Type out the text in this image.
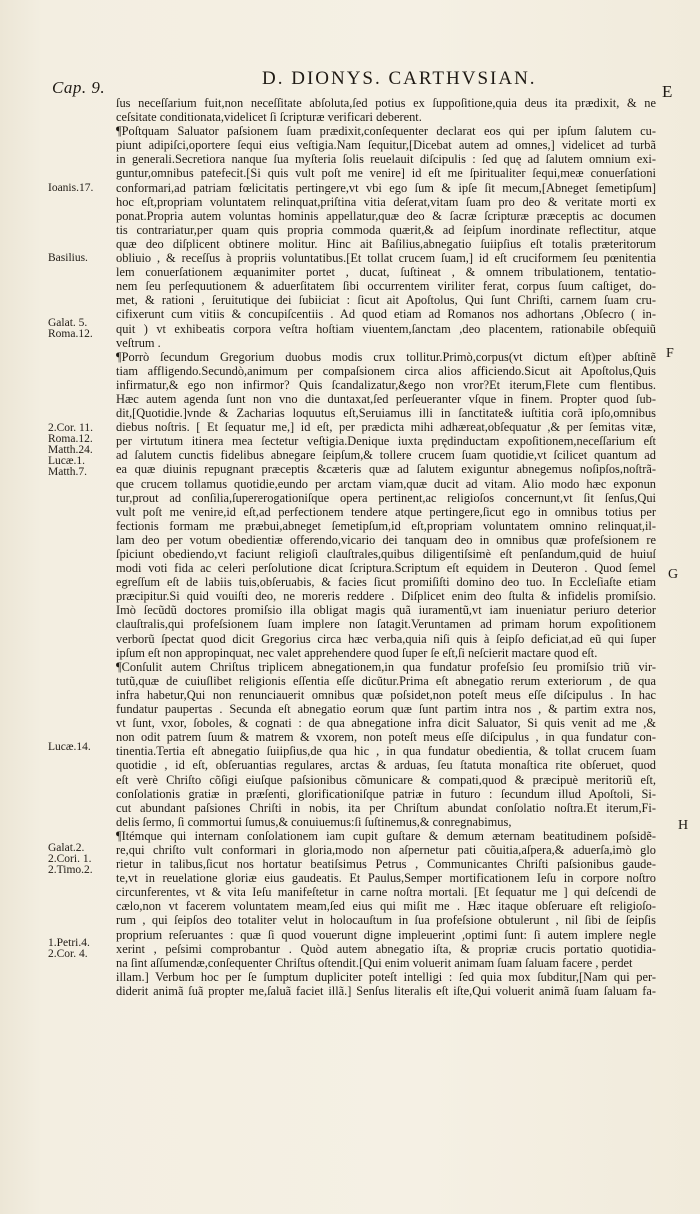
Cap. 9.	D. DIONYS. CARTHVSIAN.
E
F
G
H
Ioanis.17.
Basilius.
Galat. 5.
Roma.12.
2.Cor. 11.
Roma.12.
Matth.24.
Lucæ.1.
Matth.7.
Lucæ.14.
Galat.2.
2.Cori. 1.
2.Timo.2.
1.Petri.4.
2.Cor. 4.

ſus neceſſarium fuit,non neceſſitate abſoluta,ſed potius ex ſuppoſitione,quia deus ita prædixit, & ne

ceſsitate conditionata,videlicet ſi ſcripturæ verificari deberent.

¶Poſtquam Saluator paſsionem ſuam prædixit,conſequenter declarat eos qui per ipſum ſalutem cu-

piunt adipiſci,oportere ſequi eius veſtigia.Nam ſequitur,[Dicebat autem ad omnes,] videlicet ad turbã

in generali.Secretiora nanque ſua myſteria ſolis reuelauit diſcipulis : ſed quę ad ſalutem omnium exi-

guntur,omnibus patefecit.[Si quis vult poſt me venire] id eſt me ſpiritualiter ſequi,meæ conuerſationi

conformari,ad patriam fœlicitatis pertingere,vt vbi ego ſum & ipſe ſit mecum,[Abneget ſemetipſum]

hoc eſt,propriam voluntatem relinquat,priſtina vitia deſerat,vitam ſuam pro deo & veritate morti ex

ponat.Propria autem voluntas hominis appellatur,quæ deo & ſacræ ſcripturæ præceptis ac documen

tis contrariatur,per quam quis propria commoda quærit,& ad ſeipſum inordinate reflectitur, atque

quæ deo diſplicent obtinere molitur. Hinc ait Baſilius,abnegatio ſuiipſius eſt totalis præteritorum

obliuio , & receſſus à propriis voluntatibus.[Et tollat crucem ſuam,] id eſt cruciformem ſeu pœnitentia

lem conuerſationem æquanimiter portet , ducat, ſuſtineat , & omnem tribulationem, tentatio-

nem ſeu perſequutionem & aduerſitatem ſibi occurrentem viriliter ferat, corpus ſuum caſtiget, do-

met, & rationi , ſeruitutique dei ſubiiciat : ſicut ait Apoſtolus, Qui ſunt Chriſti, carnem ſuam cru-

cifixerunt cum vitiis & concupiſcentiis . Ad quod etiam ad Romanos nos adhortans ,Obſecro ( in-

quit ) vt exhibeatis corpora veſtra hoſtiam viuentem,ſanctam ,deo placentem, rationabile obſequiũ

veſtrum .

¶Porrò ſecundum Gregorium duobus modis crux tollitur.Primò,corpus(vt dictum eſt)per abſtinẽ

tiam affligendo.Secundò,animum per compaſsionem circa alios afficiendo.Sicut ait Apoſtolus,Quis

infirmatur,& ego non infirmor? Quis ſcandalizatur,&ego non vror?Et iterum,Flete cum flentibus.

Hæc autem agenda ſunt non vno die duntaxat,ſed perſeueranter vſque in finem. Propter quod ſub-

dit,[Quotidie.]vnde & Zacharias loquutus eſt,Seruiamus illi in ſanctitate& iuſtitia corã ipſo,omnibus

diebus noſtris. [ Et ſequatur me,] id eſt, per prædicta mihi adhæreat,obſequatur ,& per ſemitas vitæ,

per virtutum itinera mea ſectetur veſtigia.Denique iuxta prędinductam expoſitionem,neceſſarium eſt

ad ſalutem cunctis fidelibus abnegare ſeipſum,& tollere crucem ſuam quotidie,vt ſcilicet quantum ad

ea quæ diuinis repugnant præceptis &cæteris quæ ad ſalutem exiguntur abnegemus noſipſos,noſtrã-

que crucem tollamus quotidie,eundo per arctam viam,quæ ducit ad vitam. Alio modo hæc exponun

tur,prout ad conſilia,ſupererogationiſque opera pertinent,ac religioſos concernunt,vt ſit ſenſus,Qui

vult poſt me venire,id eſt,ad perfectionem tendere atque pertingere,ſicut ego in omnibus totius per

fectionis formam me præbui,abneget ſemetipſum,id eſt,propriam voluntatem omnino relinquat,il-

lam deo per votum obedientiæ offerendo,vicario dei tanquam deo in omnibus quæ profeſsionem re

ſpiciunt obediendo,vt faciunt religioſi clauſtrales,quibus diligentiſsimè eſt penſandum,quid de huiuſ

modi voti fida ac celeri perſolutione dicat ſcriptura.Scriptum eſt equidem in Deuteron . Quod ſemel

egreſſum eſt de labiis tuis,obſeruabis, & facies ſicut promiſiſti domino deo tuo. In Eccleſiaſte etiam

præcipitur.Si quid vouiſti deo, ne moreris reddere . Diſplicet enim deo ſtulta & infidelis promiſsio.

Imò ſecũdũ doctores promiſsio illa obligat magis quã iuramentũ,vt iam inueniatur periuro deterior

clauſtralis,qui profeſsionem ſuam implere non ſatagit.Veruntamen ad primam horum expoſitionem

verborũ ſpectat quod dicit Gregorius circa hæc verba,quia niſi quis à ſeipſo deficiat,ad eũ qui ſuper

ipſum eſt non appropinquat, nec valet apprehendere quod ſuper ſe eſt,ſi neſcierit mactare quod eſt.

¶Conſulit autem Chriſtus triplicem abnegationem,in qua fundatur profeſsio ſeu promiſsio triũ vir-

tutũ,quæ de cuiuſlibet religionis eſſentia eſſe dicũtur.Prima eſt abnegatio rerum exteriorum , de qua

infra habetur,Qui non renunciauerit omnibus quæ poſsidet,non poteſt meus eſſe diſcipulus . In hac

fundatur paupertas . Secunda eſt abnegatio eorum quæ ſunt partim intra nos , & partim extra nos,

vt ſunt, vxor, ſoboles, & cognati : de qua abnegatione infra dicit Saluator, Si quis venit ad me ,&

non odit patrem ſuum & matrem & vxorem, non poteſt meus eſſe diſcipulus , in qua fundatur con-

tinentia.Tertia eſt abnegatio ſuiipſius,de qua hic , in qua fundatur obedientia, & tollat crucem ſuam

quotidie , id eſt, obſeruantias regulares, arctas & arduas, ſeu ſtatuta monaſtica rite obſeruet, quod

eſt verè Chriſto cõſigi eiuſque paſsionibus cõmunicare & compati,quod & præcipuè meritoriũ eſt,

conſolationis gratiæ in præſenti, glorificationiſque patriæ in futuro : ſecundum illud Apoſtoli, Si-

cut abundant paſsiones Chriſti in nobis, ita per Chriſtum abundat conſolatio noſtra.Et iterum,Fi-

delis ſermo, ſi commortui ſumus,& conuiuemus:ſi ſuſtinemus,& conregnabimus,

¶Itémque qui internam conſolationem iam cupit guſtare & demum æternam beatitudinem poſsidẽ-

re,qui chriſto vult conformari in gloria,modo non aſpernetur pati cõuitia,aſpera,& aduerſa,imò glo

rietur in talibus,ſicut nos hortatur beatiſsimus Petrus , Communicantes Chriſti paſsionibus gaude-

te,vt in reuelatione gloriæ eius gaudeatis. Et Paulus,Semper mortificationem Ieſu in corpore noſtro

circunferentes, vt & vita Ieſu manifeſtetur in carne noſtra mortali. [Et ſequatur me ] qui deſcendi de

cælo,non vt facerem voluntatem meam,ſed eius qui miſit me . Hæc itaque obſeruare eſt religioſo-

rum , qui ſeipſos deo totaliter velut in holocauſtum in ſua profeſsione obtulerunt , nil ſibi de ſeipſis

proprium reſeruantes : quæ ſi quod vouerunt digne impleuerint ,optimi ſunt: ſi autem implere negle

xerint , peſsimi comprobantur . Quòd autem abnegatio iſta, & propriæ crucis portatio quotidia-

na ſint aſſumendæ,conſequenter Chriſtus oſtendit.[Qui enim voluerit animam ſuam ſaluam facere , perdet

illam.] Verbum hoc per ſe ſumptum dupliciter poteſt intelligi : ſed quia mox ſubditur,[Nam qui per-

diderit animã ſuã propter me,ſaluã faciet illã.] Senſus literalis eſt iſte,Qui voluerit animã ſuam ſaluam fa-
